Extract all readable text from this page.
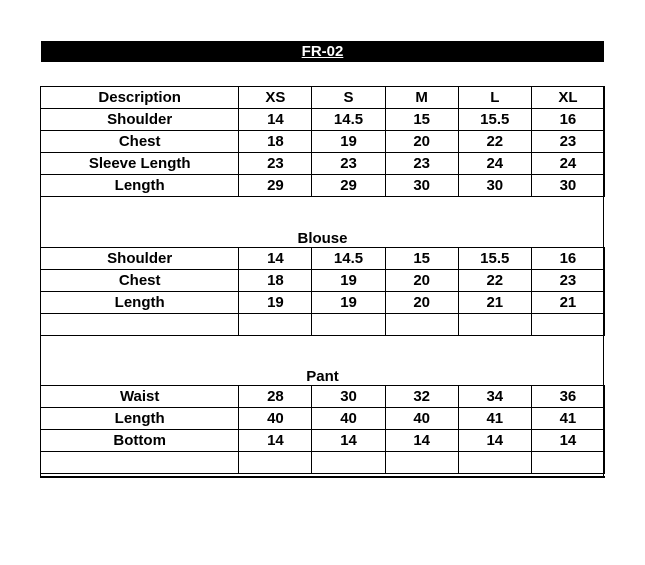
FR-02
Description	XS	S	M	L	XL
Shoulder	14	14.5	15	15.5	16
Chest	18	19	20	22	23
Sleeve Length	23	23	23	24	24
Length	29	29	30	30	30
Blouse
Shoulder	14	14.5	15	15.5	16
Chest	18	19	20	22	23
Length	19	19	20	21	21

Pant
Waist	28	30	32	34	36
Length	40	40	40	41	41
Bottom	14	14	14	14	14
